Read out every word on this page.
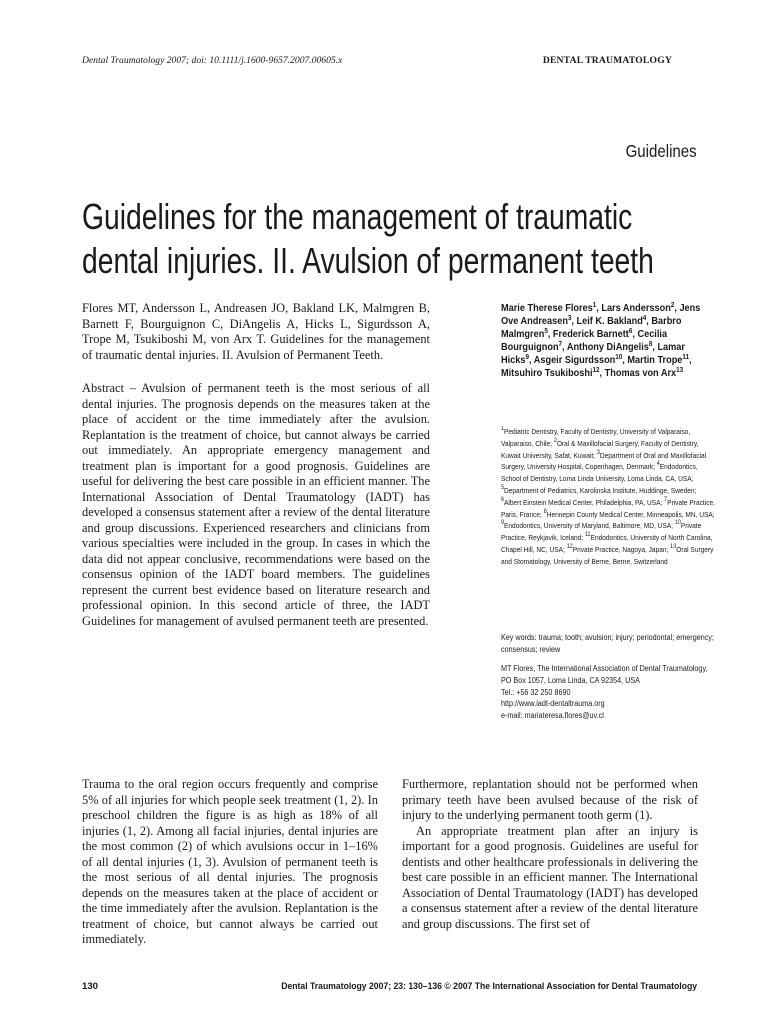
Dental Traumatology 2007; doi: 10.1111/j.1600-9657.2007.00605.x	DENTAL TRAUMATOLOGY
Guidelines
Guidelines for the management of traumatic
dental injuries. II. Avulsion of permanent teeth

Flores MT, Andersson L, Andreasen JO, Bakland LK, Malmgren B, Barnett F, Bourguignon C, DiAngelis A, Hicks L, Sigurdsson A, Trope M, Tsukiboshi M, von Arx T. Guidelines for the management of traumatic dental injuries. II. Avulsion of Permanent Teeth.

Abstract – Avulsion of permanent teeth is the most serious of all dental injuries. The prognosis depends on the measures taken at the place of accident or the time immediately after the avulsion. Replantation is the treatment of choice, but cannot always be carried out immediately. An appropriate emergency management and treatment plan is important for a good prognosis. Guidelines are useful for delivering the best care possible in an efficient manner. The International Association of Dental Traumatology (IADT) has developed a consensus statement after a review of the dental literature and group discussions. Experienced researchers and clinicians from various specialties were included in the group. In cases in which the data did not appear conclusive, recommendations were based on the consensus opinion of the IADT board members. The guidelines represent the current best evidence based on literature research and professional opinion. In this second article of three, the IADT Guidelines for management of avulsed permanent teeth are presented.

Marie Therese Flores$^1$, Lars Andersson$^2$, Jens Ove Andreasen$^3$, Leif K. Bakland$^4$, Barbro Malmgren$^5$, Frederick Barnett$^6$, Cecilia Bourguignon$^7$, Anthony DiAngelis$^8$, Lamar Hicks$^9$, Asgeir Sigurdsson$^{10}$, Martin Trope$^{11}$, Mitsuhiro Tsukiboshi$^{12}$, Thomas von Arx$^{13}$
$^1$Pediatric Dentistry, Faculty of Dentistry, University of Valparaiso, Valparaiso, Chile; $^2$Oral & Maxillofacial Surgery, Faculty of Dentistry, Kuwait University, Safat, Kuwait; $^3$Department of Oral and Maxillofacial Surgery, University Hospital, Copenhagen, Denmark; $^4$Endodontics, School of Dentistry, Loma Linda University, Loma Linda, CA, USA; $^5$Department of Pediatrics, Karolinska Institute, Huddinge, Sweden; $^6$Albert Einstein Medical Center, Philadelphia, PA, USA; $^7$Private Practice, Paris, France; $^8$Hennepin County Medical Center, Minneapolis, MN, USA; $^9$Endodontics, University of Maryland, Baltimore, MD, USA; $^{10}$Private Practice, Reykjavik, Iceland; $^{11}$Endodontics, University of North Carolina, Chapel Hill, NC, USA; $^{12}$Private Practice, Nagoya, Japan; $^{13}$Oral Surgery and Stomatology, University of Berne, Berne, Switzerland
Key words: trauma; tooth; avulsion; injury; periodontal; emergency; consensus; review
MT Flores, The International Association of Dental Traumatology, PO Box 1057, Loma Linda, CA 92354, USA
Tel.: +56 32 250 8690
http://www.iadt-dentaltrauma.org
e-mail: mariateresa.flores@uv.cl

Trauma to the oral region occurs frequently and comprise 5% of all injuries for which people seek treatment (1, 2). In preschool children the figure is as high as 18% of all injuries (1, 2). Among all facial injuries, dental injuries are the most common (2) of which avulsions occur in 1–16% of all dental injuries (1, 3). Avulsion of permanent teeth is the most serious of all dental injuries. The prognosis depends on the measures taken at the place of accident or the time immediately after the avulsion. Replantation is the treatment of choice, but cannot always be carried out immediately.

Furthermore, replantation should not be performed when primary teeth have been avulsed because of the risk of injury to the underlying permanent tooth germ (1).

An appropriate treatment plan after an injury is important for a good prognosis. Guidelines are useful for dentists and other healthcare professionals in delivering the best care possible in an efficient manner. The International Association of Dental Traumatology (IADT) has developed a consensus statement after a review of the dental literature and group discussions. The first set of

130	Dental Traumatology 2007; 23: 130–136 © 2007 The International Association for Dental Traumatology
